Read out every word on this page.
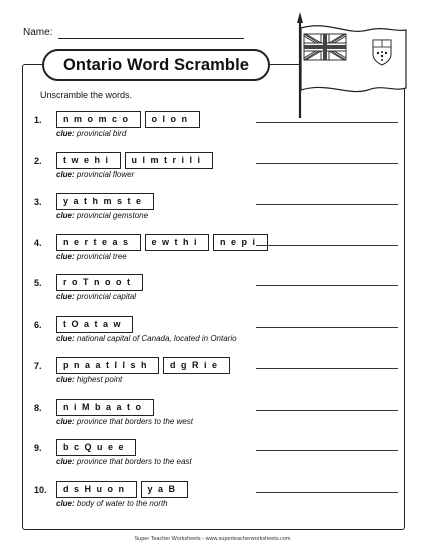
Name:
Ontario Word Scramble
Unscramble the words.
1.	nmomco	olon
clue: provincial bird
2.	twehi	ulmtrili
clue: provincial flower
3.	yathmste
clue: provincial gemstone
4.	nerteas	ewthi	nepi
clue: provincial tree
5.	roTnoot
clue: provincial capital
6.	tOataw
clue: national capital of Canada, located in Ontario
7.	pnaatIlsh	dgRie
clue: highest point
8.	niMbaato
clue: province that borders to the west
9.	bcQuee
clue: province that borders to the east
10.	dsHuon	yaB
clue: body of water to the north
Super Teacher Worksheets - www.superteacherworksheets.com
